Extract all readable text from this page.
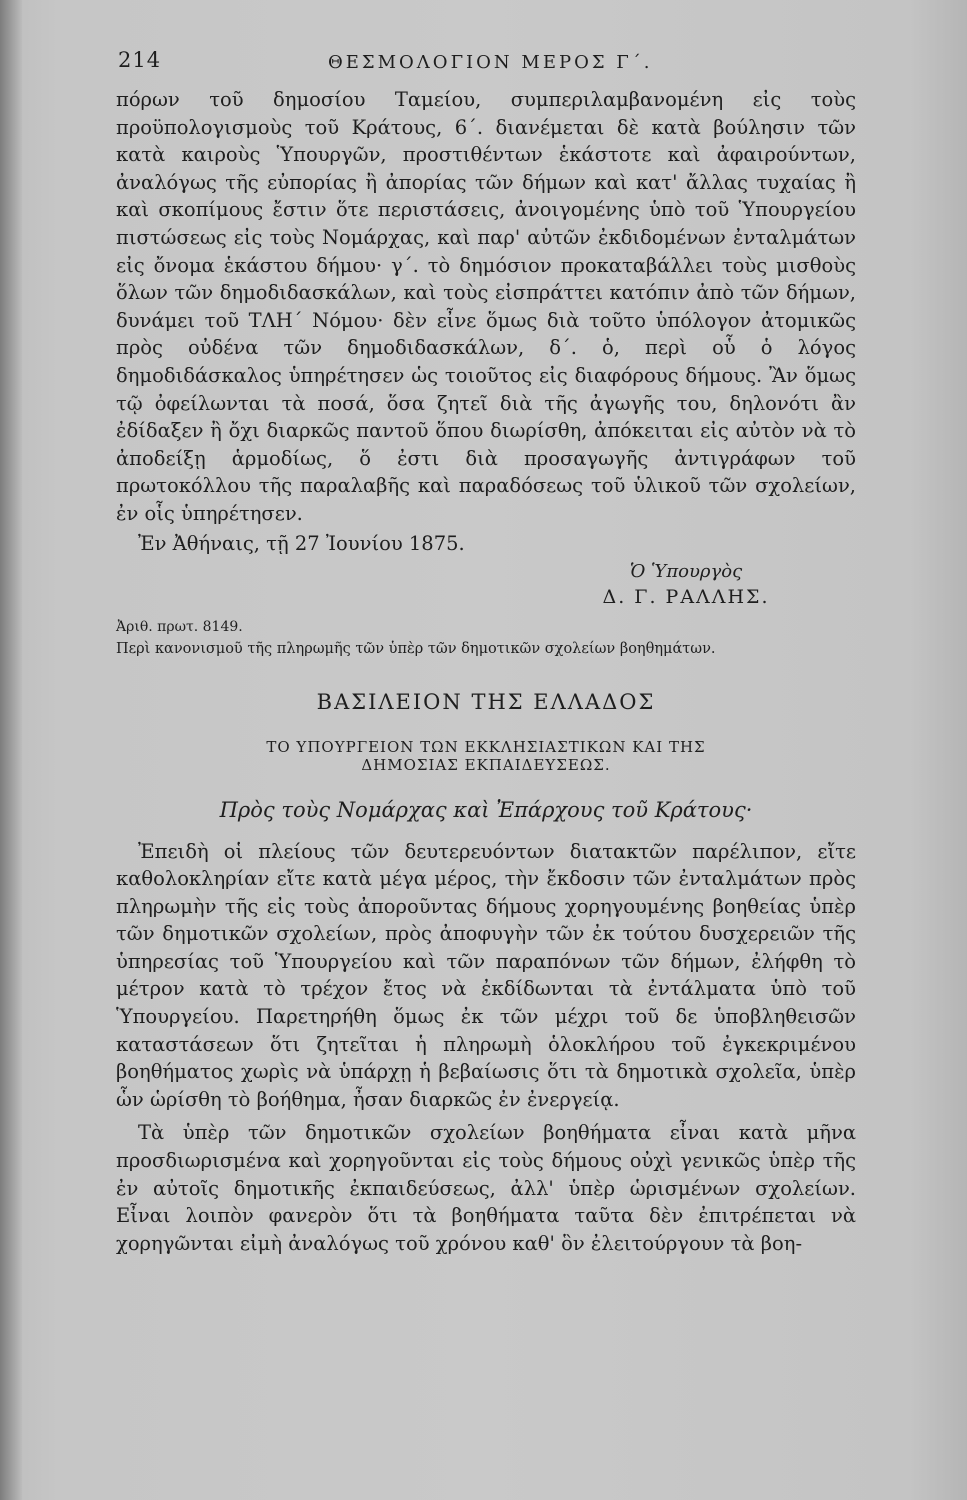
214	ΘΕΣΜΟΛΟΓΙΟΝ ΜΕΡΟΣ Γ΄.

πόρων τοῦ δημοσίου Ταμείου, συμπεριλαμβανομένη εἰς τοὺς προϋπολογισμοὺς τοῦ Κράτους, 6΄. διανέμεται δὲ κατὰ βούλησιν τῶν κατὰ καιροὺς Ὑπουργῶν, προστιθέντων ἑκάστοτε καὶ ἀφαιρούντων, ἀναλόγως τῆς εὐπορίας ἢ ἀπορίας τῶν δήμων καὶ κατ' ἄλλας τυχαίας ἢ καὶ σκοπίμους ἔστιν ὅτε περιστάσεις, ἀνοιγομένης ὑπὸ τοῦ Ὑπουργείου πιστώσεως εἰς τοὺς Νομάρχας, καὶ παρ' αὐτῶν ἐκδιδομένων ἐνταλμάτων εἰς ὄνομα ἑκάστου δήμου· γ΄. τὸ δημόσιον προκαταβάλλει τοὺς μισθοὺς ὅλων τῶν δημοδιδασκάλων, καὶ τοὺς εἰσπράττει κατόπιν ἀπὸ τῶν δήμων, δυνάμει τοῦ ΤΛΗ΄ Νόμου· δὲν εἶνε ὅμως διὰ τοῦτο ὑπόλογον ἀτομικῶς πρὸς οὐδένα τῶν δημοδιδασκάλων, δ΄. ὁ, περὶ οὗ ὁ λόγος δημοδιδάσκαλος ὑπηρέτησεν ὡς τοιοῦτος εἰς διαφόρους δήμους. Ἂν ὅμως τῷ ὀφείλωνται τὰ ποσά, ὅσα ζητεῖ διὰ τῆς ἀγωγῆς του, δηλονότι ἂν ἐδίδαξεν ἢ ὄχι διαρκῶς παντοῦ ὅπου διωρίσθη, ἀπόκειται εἰς αὐτὸν νὰ τὸ ἀποδείξῃ ἁρμοδίως, ὅ ἐστι διὰ προσαγωγῆς ἀντιγράφων τοῦ πρωτοκόλλου τῆς παραλαβῆς καὶ παραδόσεως τοῦ ὑλικοῦ τῶν σχολείων, ἐν οἷς ὑπηρέτησεν.

Ἐν Ἀθήναις, τῇ 27 Ἰουνίου 1875.
Ὁ Ὑπουργὸς
Δ. Γ. ΡΑΛΛΗΣ.
Ἀριθ. πρωτ. 8149.
Περὶ κανονισμοῦ τῆς πληρωμῆς τῶν ὑπὲρ τῶν δημοτικῶν σχολείων βοηθημάτων.
ΒΑΣΙΛΕΙΟΝ ΤΗΣ ΕΛΛΑΔΟΣ
ΤΟ ΥΠΟΥΡΓΕΙΟΝ ΤΩΝ ΕΚΚΛΗΣΙΑΣΤΙΚΩΝ ΚΑΙ ΤΗΣ
ΔΗΜΟΣΙΑΣ ΕΚΠΑΙΔΕΥΣΕΩΣ.
Πρὸς τοὺς Νομάρχας καὶ Ἐπάρχους τοῦ Κράτους·

Ἐπειδὴ οἱ πλείους τῶν δευτερευόντων διατακτῶν παρέλιπον, εἴτε καθολοκληρίαν εἴτε κατὰ μέγα μέρος, τὴν ἔκδοσιν τῶν ἐνταλμάτων πρὸς πληρωμὴν τῆς εἰς τοὺς ἀποροῦντας δήμους χορηγουμένης βοηθείας ὑπὲρ τῶν δημοτικῶν σχολείων, πρὸς ἀποφυγὴν τῶν ἐκ τούτου δυσχερειῶν τῆς ὑπηρεσίας τοῦ Ὑπουργείου καὶ τῶν παραπόνων τῶν δήμων, ἐλήφθη τὸ μέτρον κατὰ τὸ τρέχον ἔτος νὰ ἐκδίδωνται τὰ ἐντάλματα ὑπὸ τοῦ Ὑπουργείου. Παρετηρήθη ὅμως ἐκ τῶν μέχρι τοῦ δε ὑποβληθεισῶν καταστάσεων ὅτι ζητεῖται ἡ πληρωμὴ ὁλοκλήρου τοῦ ἐγκεκριμένου βοηθήματος χωρὶς νὰ ὑπάρχῃ ἡ βεβαίωσις ὅτι τὰ δημοτικὰ σχολεῖα, ὑπὲρ ὧν ὡρίσθη τὸ βοήθημα, ἦσαν διαρκῶς ἐν ἐνεργείᾳ.

Τὰ ὑπὲρ τῶν δημοτικῶν σχολείων βοηθήματα εἶναι κατὰ μῆνα προσδιωρισμένα καὶ χορηγοῦνται εἰς τοὺς δήμους οὐχὶ γενικῶς ὑπὲρ τῆς ἐν αὐτοῖς δημοτικῆς ἐκπαιδεύσεως, ἀλλ' ὑπὲρ ὡρισμένων σχολείων. Εἶναι λοιπὸν φανερὸν ὅτι τὰ βοηθήματα ταῦτα δὲν ἐπιτρέπεται νὰ χορηγῶνται εἰμὴ ἀναλόγως τοῦ χρόνου καθ' ὃν ἐλειτούργουν τὰ βοη-
